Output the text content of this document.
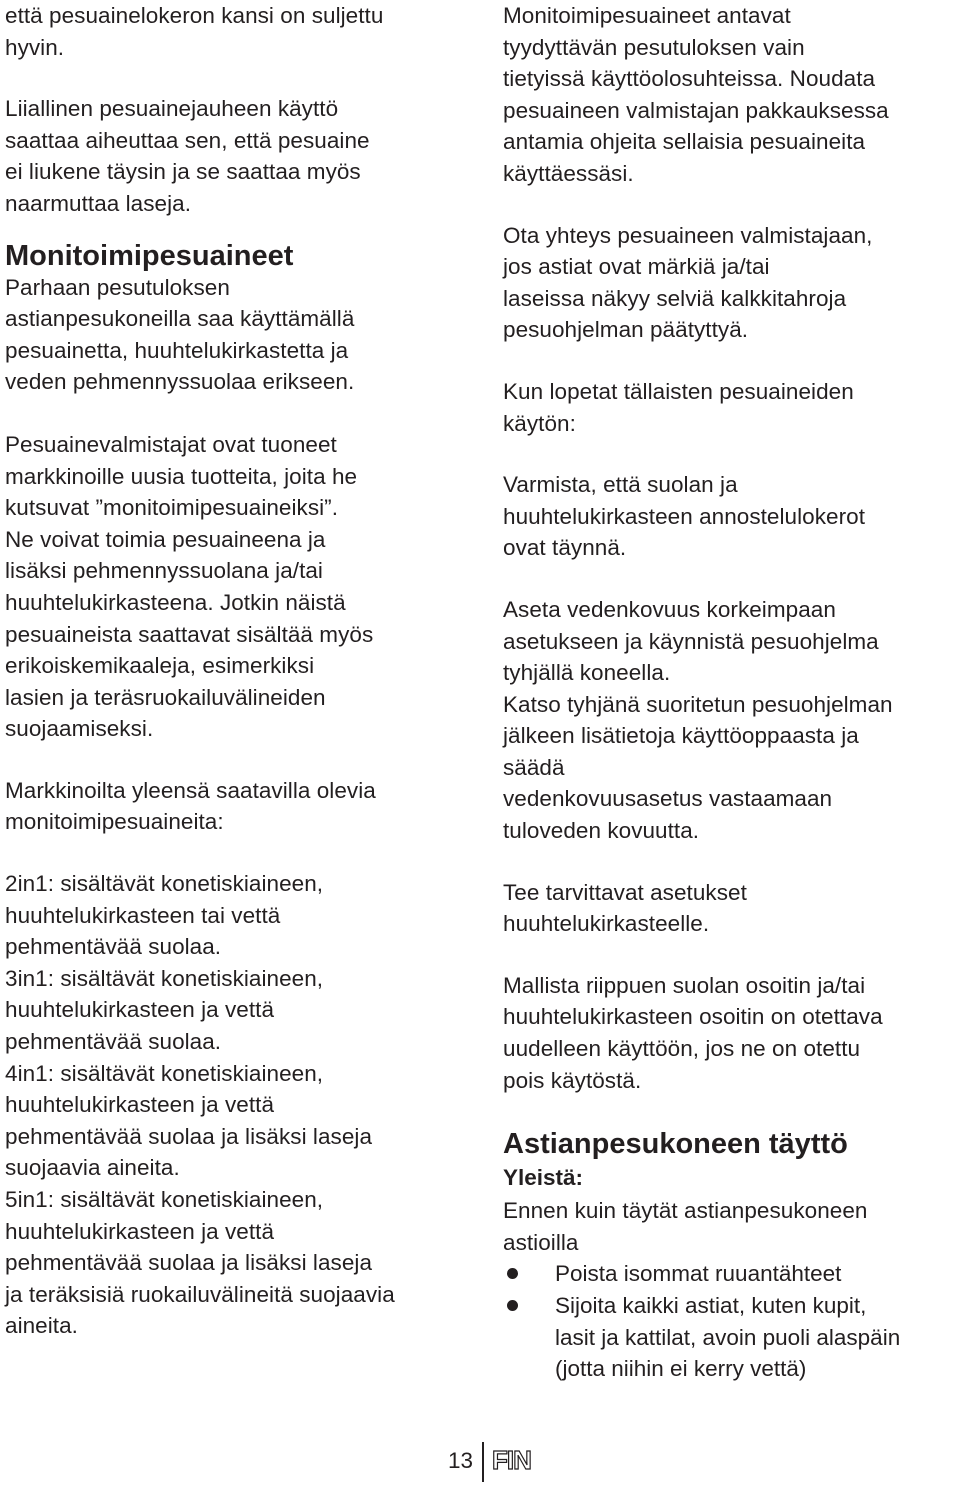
että pesuainelokeron kansi on suljettu
hyvin.

Liiallinen pesuainejauheen käyttö
saattaa aiheuttaa sen, että pesuaine
ei liukene täysin ja se saattaa myös
naarmuttaa laseja.

Monitoimipesuaineet

Parhaan pesutuloksen
astianpesukoneilla saa käyttämällä
pesuainetta, huuhtelukirkastetta ja
veden pehmennyssuolaa erikseen.

Pesuainevalmistajat ovat tuoneet
markkinoille uusia tuotteita, joita he
kutsuvat ”monitoimipesuaineiksi”.
Ne voivat toimia pesuaineena ja
lisäksi pehmennyssuolana ja/tai
huuhtelukirkasteena. Jotkin näistä
pesuaineista saattavat sisältää myös
erikoiskemikaaleja, esimerkiksi
lasien ja teräsruokailuvälineiden
suojaamiseksi.

Markkinoilta yleensä saatavilla olevia
monitoimipesuaineita:

2in1: sisältävät konetiskiaineen,
huuhtelukirkasteen tai vettä
pehmentävää suolaa.
3in1: sisältävät konetiskiaineen,
huuhtelukirkasteen ja vettä
pehmentävää suolaa.
4in1: sisältävät konetiskiaineen,
huuhtelukirkasteen ja vettä
pehmentävää suolaa ja lisäksi laseja
suojaavia aineita.
5in1: sisältävät konetiskiaineen,
huuhtelukirkasteen ja vettä
pehmentävää suolaa ja lisäksi laseja
ja teräksisiä ruokailuvälineitä suojaavia
aineita.

Monitoimipesuaineet antavat
tyydyttävän pesutuloksen vain
tietyissä käyttöolosuhteissa. Noudata
pesuaineen valmistajan pakkauksessa
antamia ohjeita sellaisia pesuaineita
käyttäessäsi.

Ota yhteys pesuaineen valmistajaan,
jos astiat ovat märkiä ja/tai
laseissa näkyy selviä kalkkitahroja
pesuohjelman päätyttyä.

Kun lopetat tällaisten pesuaineiden
käytön:

Varmista, että suolan ja
huuhtelukirkasteen annostelulokerot
ovat täynnä.

Aseta vedenkovuus korkeimpaan
asetukseen ja käynnistä pesuohjelma
tyhjällä koneella.
Katso tyhjänä suoritetun pesuohjelman
jälkeen lisätietoja käyttöoppaasta ja
säädä
vedenkovuusasetus vastaamaan
tuloveden kovuutta.

Tee tarvittavat asetukset
huuhtelukirkasteelle.

Mallista riippuen suolan osoitin ja/tai
huuhtelukirkasteen osoitin on otettava
uudelleen käyttöön, jos ne on otettu
pois käytöstä.

Astianpesukoneen täyttö

Yleistä:

Ennen kuin täytät astianpesukoneen
astioilla

Poista isommat ruuantähteet
Sijoita kaikki astiat, kuten kupit,
lasit ja kattilat, avoin puoli alaspäin
(jotta niihin ei kerry vettä)
13 FIN
